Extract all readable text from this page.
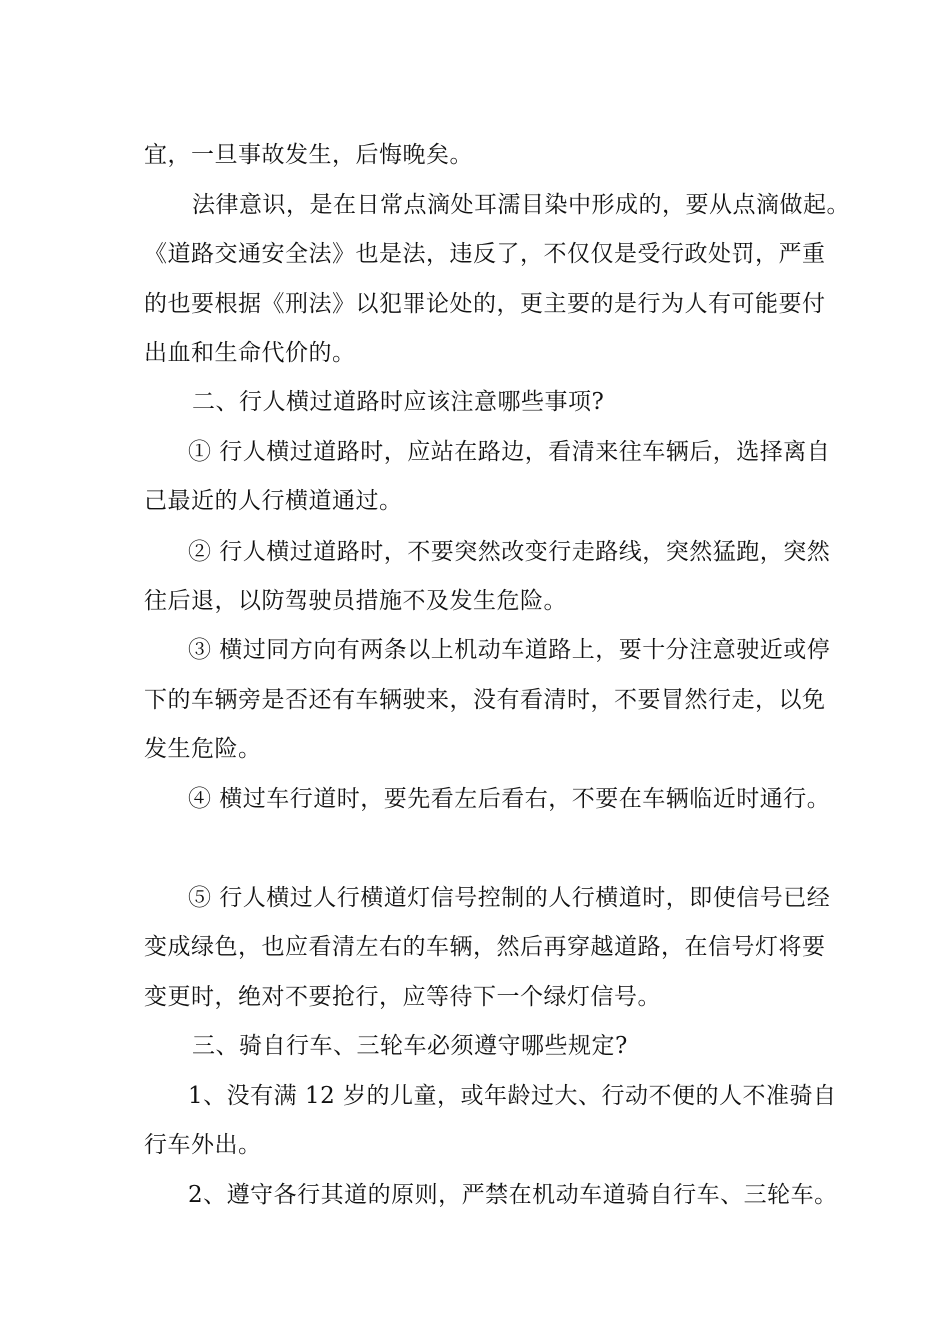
宜，一旦事故发生，后悔晚矣。
法律意识，是在日常点滴处耳濡目染中形成的，要从点滴做起。
《道路交通安全法》也是法，违反了，不仅仅是受行政处罚，严重
的也要根据《刑法》以犯罪论处的，更主要的是行为人有可能要付
出血和生命代价的。
二、行人横过道路时应该注意哪些事项?
① 行人横过道路时，应站在路边，看清来往车辆后，选择离自
己最近的人行横道通过。
② 行人横过道路时，不要突然改变行走路线，突然猛跑，突然
往后退，以防驾驶员措施不及发生危险。
③ 横过同方向有两条以上机动车道路上，要十分注意驶近或停
下的车辆旁是否还有车辆驶来，没有看清时，不要冒然行走，以免
发生危险。
④ 横过车行道时，要先看左后看右，不要在车辆临近时通行。
⑤ 行人横过人行横道灯信号控制的人行横道时，即使信号已经
变成绿色，也应看清左右的车辆，然后再穿越道路，在信号灯将要
变更时，绝对不要抢行，应等待下一个绿灯信号。
三、骑自行车、三轮车必须遵守哪些规定?
1、没有满 12 岁的儿童，或年龄过大、行动不便的人不准骑自
行车外出。
2、遵守各行其道的原则，严禁在机动车道骑自行车、三轮车。
